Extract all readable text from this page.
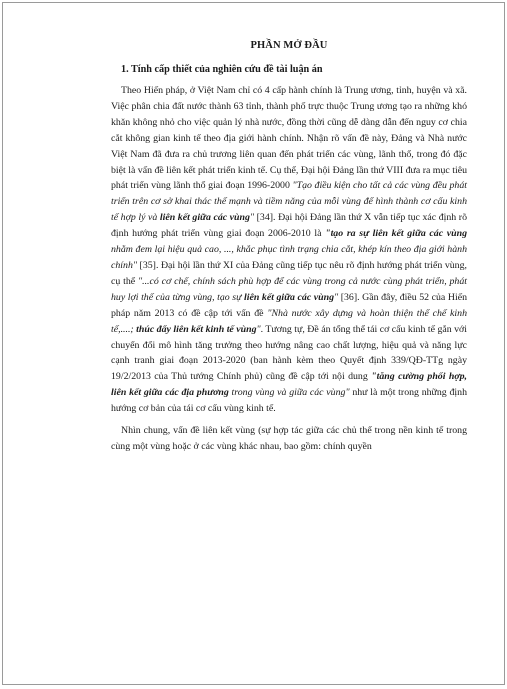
PHẦN MỞ ĐẦU
1. Tính cấp thiết của nghiên cứu đề tài luận án

Theo Hiến pháp, ở Việt Nam chỉ có 4 cấp hành chính là Trung ương, tỉnh, huyện và xã. Việc phân chia đất nước thành 63 tỉnh, thành phố trực thuộc Trung ương tạo ra những khó khăn không nhỏ cho việc quản lý nhà nước, đồng thời cũng dễ dàng dẫn đến nguy cơ chia cắt không gian kinh tế theo địa giới hành chính. Nhận rõ vấn đề này, Đảng và Nhà nước Việt Nam đã đưa ra chủ trương liên quan đến phát triển các vùng, lãnh thổ, trong đó đặc biệt là vấn đề liên kết phát triển kinh tế. Cụ thể, Đại hội Đảng lần thứ VIII đưa ra mục tiêu phát triển vùng lãnh thổ giai đoạn 1996-2000 "Tạo điều kiện cho tất cả các vùng đều phát triển trên cơ sở khai thác thế mạnh và tiềm năng của mỗi vùng để hình thành cơ cấu kinh tế hợp lý và liên kết giữa các vùng" [34]. Đại hội Đảng lần thứ X vẫn tiếp tục xác định rõ định hướng phát triển vùng giai đoạn 2006-2010 là "tạo ra sự liên kết giữa các vùng nhằm đem lại hiệu quả cao, ..., khắc phục tình trạng chia cắt, khép kín theo địa giới hành chính" [35]. Đại hội lần thứ XI của Đảng cũng tiếp tục nêu rõ định hướng phát triển vùng, cụ thể "...có cơ chế, chính sách phù hợp để các vùng trong cả nước cùng phát triển, phát huy lợi thế của từng vùng, tạo sự liên kết giữa các vùng" [36]. Gần đây, điều 52 của Hiến pháp năm 2013 có đề cập tới vấn đề "Nhà nước xây dựng và hoàn thiện thể chế kinh tế,....; thúc đẩy liên kết kinh tế vùng". Tương tự, Đề án tổng thể tái cơ cấu kinh tế gắn với chuyển đổi mô hình tăng trưởng theo hướng nâng cao chất lượng, hiệu quả và năng lực cạnh tranh giai đoạn 2013-2020 (ban hành kèm theo Quyết định 339/QĐ-TTg ngày 19/2/2013 của Thủ tướng Chính phủ) cũng đề cập tới nội dung "tăng cường phối hợp, liên kết giữa các địa phương trong vùng và giữa các vùng" như là một trong những định hướng cơ bản của tái cơ cấu vùng kinh tế.

Nhìn chung, vấn đề liên kết vùng (sự hợp tác giữa các chủ thể trong nền kinh tế trong cùng một vùng hoặc ở các vùng khác nhau, bao gồm: chính quyền
